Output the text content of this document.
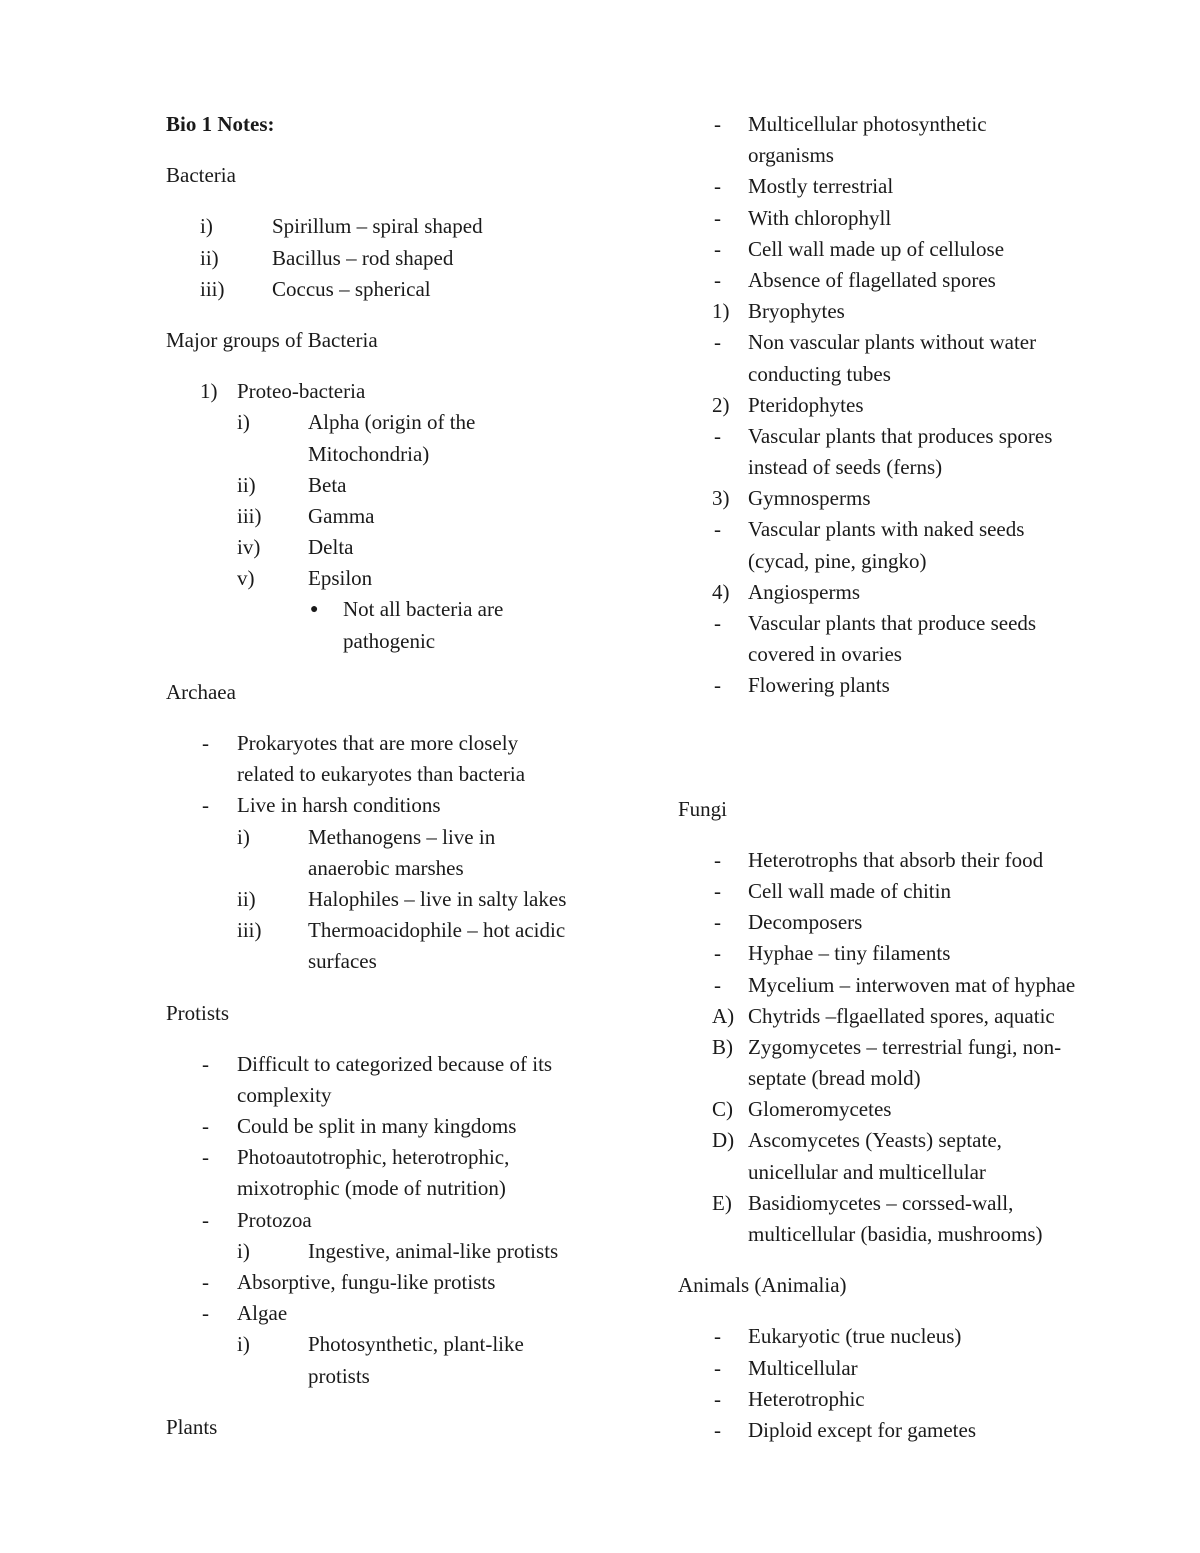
Bio 1 Notes:
Bacteria
i)	Spirillum – spiral shaped
ii)	Bacillus – rod shaped
iii) Coccus – spherical
Major groups of Bacteria
1) Proteo-bacteria
i)	Alpha (origin of the
Mitochondria)
ii) Beta
iii) Gamma
iv) Delta
v)	Epsilon
● Not all bacteria are
pathogenic
Archaea
- Prokaryotes that are more closely
related to eukaryotes than bacteria
- Live in harsh conditions
i)	Methanogens – live in
anaerobic marshes
ii) Halophiles – live in salty lakes
iii) Thermoacidophile – hot acidic
surfaces
Protists
- Difficult to categorized because of its
complexity
- Could be split in many kingdoms
- Photoautotrophic, heterotrophic,
mixotrophic (mode of nutrition)
- Protozoa
i)	Ingestive, animal-like protists
- Absorptive, fungu-like protists
- Algae
i)	Photosynthetic, plant-like
protists
Plants
- Multicellular photosynthetic
organisms
- Mostly terrestrial
- With chlorophyll
- Cell wall made up of cellulose
- Absence of flagellated spores
1) Bryophytes
- Non vascular plants without water
conducting tubes
2) Pteridophytes
- Vascular plants that produces spores
instead of seeds (ferns)
3) Gymnosperms
- Vascular plants with naked seeds
(cycad, pine, gingko)
4) Angiosperms
- Vascular plants that produce seeds
covered in ovaries
- Flowering plants
Fungi
- Heterotrophs that absorb their food
- Cell wall made of chitin
- Decomposers
- Hyphae – tiny filaments
- Mycelium – interwoven mat of hyphae
A) Chytrids –flgaellated spores, aquatic
B) Zygomycetes – terrestrial fungi, non-
septate (bread mold)
C) Glomeromycetes
D) Ascomycetes (Yeasts) septate,
unicellular and multicellular
E) Basidiomycetes – corssed-wall,
multicellular (basidia, mushrooms)
Animals (Animalia)
- Eukaryotic (true nucleus)
- Multicellular
- Heterotrophic
- Diploid except for gametes
